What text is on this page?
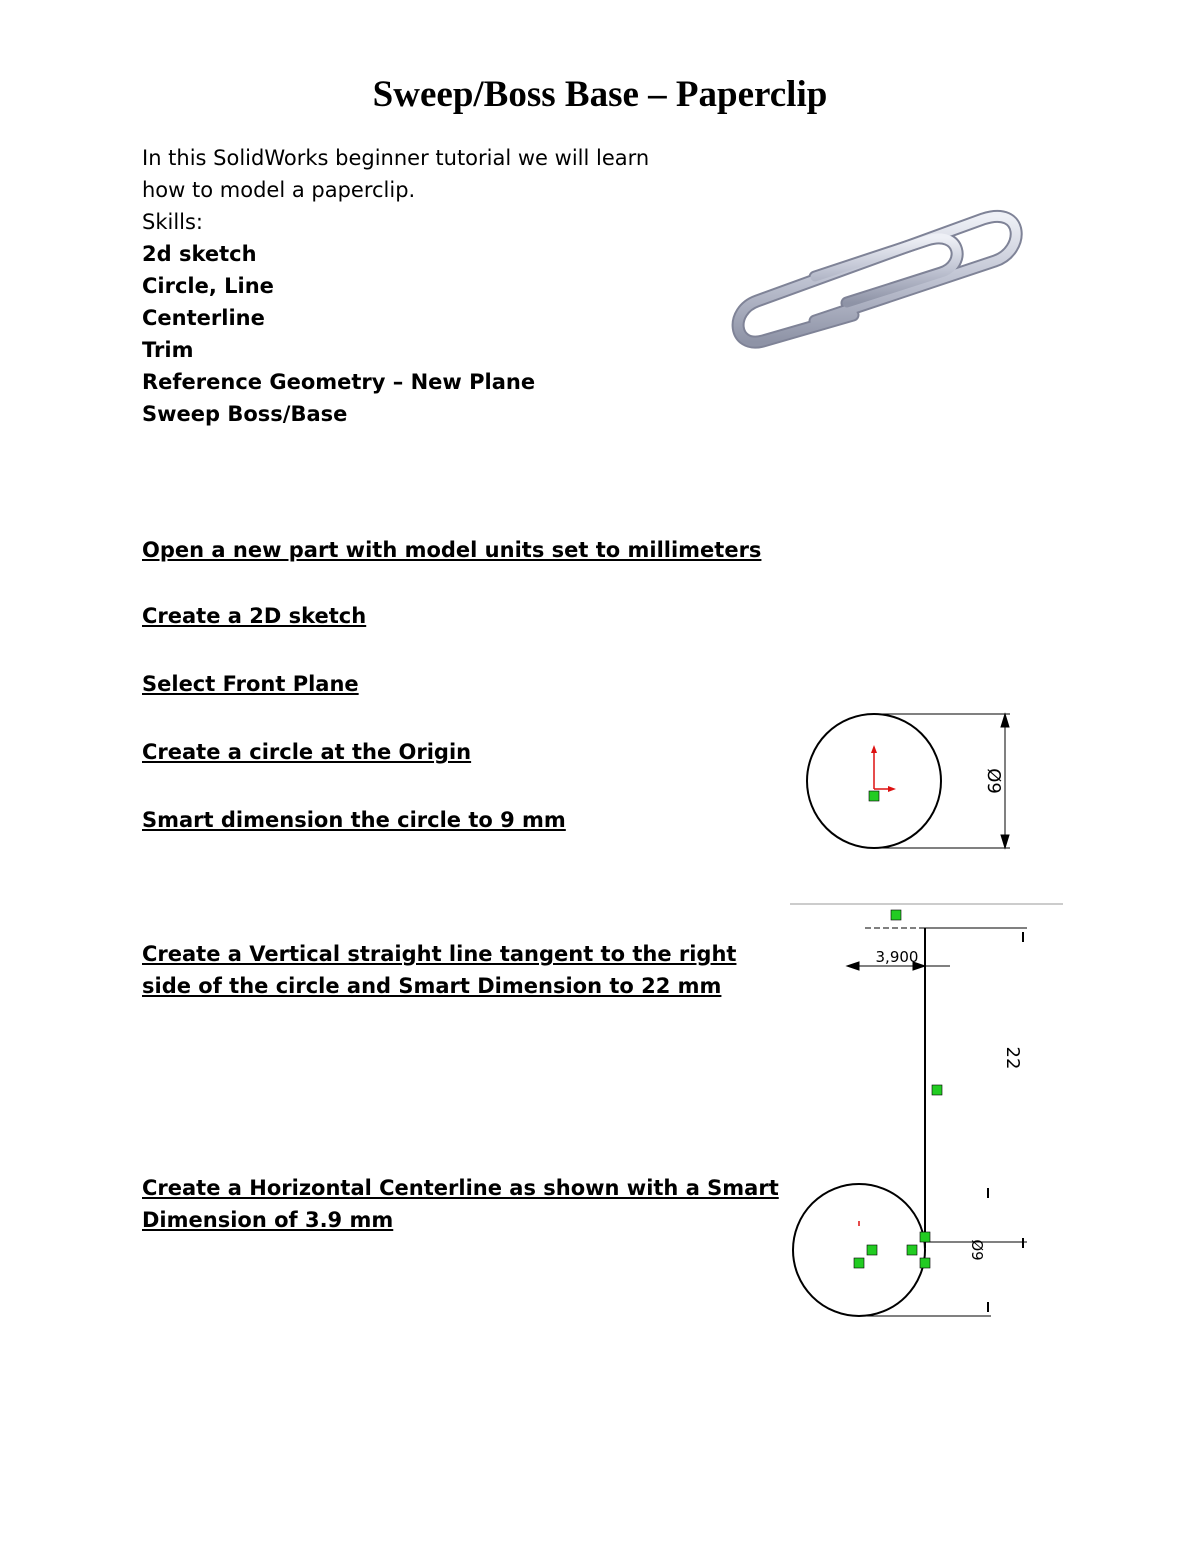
Sweep/Boss Base – Paperclip
In this SolidWorks beginner tutorial we will learn
how to model a paperclip.
Skills:
2d sketch
Circle, Line
Centerline
Trim
Reference Geometry – New Plane
Sweep Boss/Base
Open a new part with model units set to millimeters
Create a 2D sketch
Select Front Plane
Create a circle at the Origin
Smart dimension the circle to 9 mm
Create a Vertical straight line tangent to the right
side of the circle and Smart Dimension to 22 mm
Create a Horizontal Centerline as shown with a Smart
Dimension of 3.9 mm
Ø9
3,900
22
Ø9
